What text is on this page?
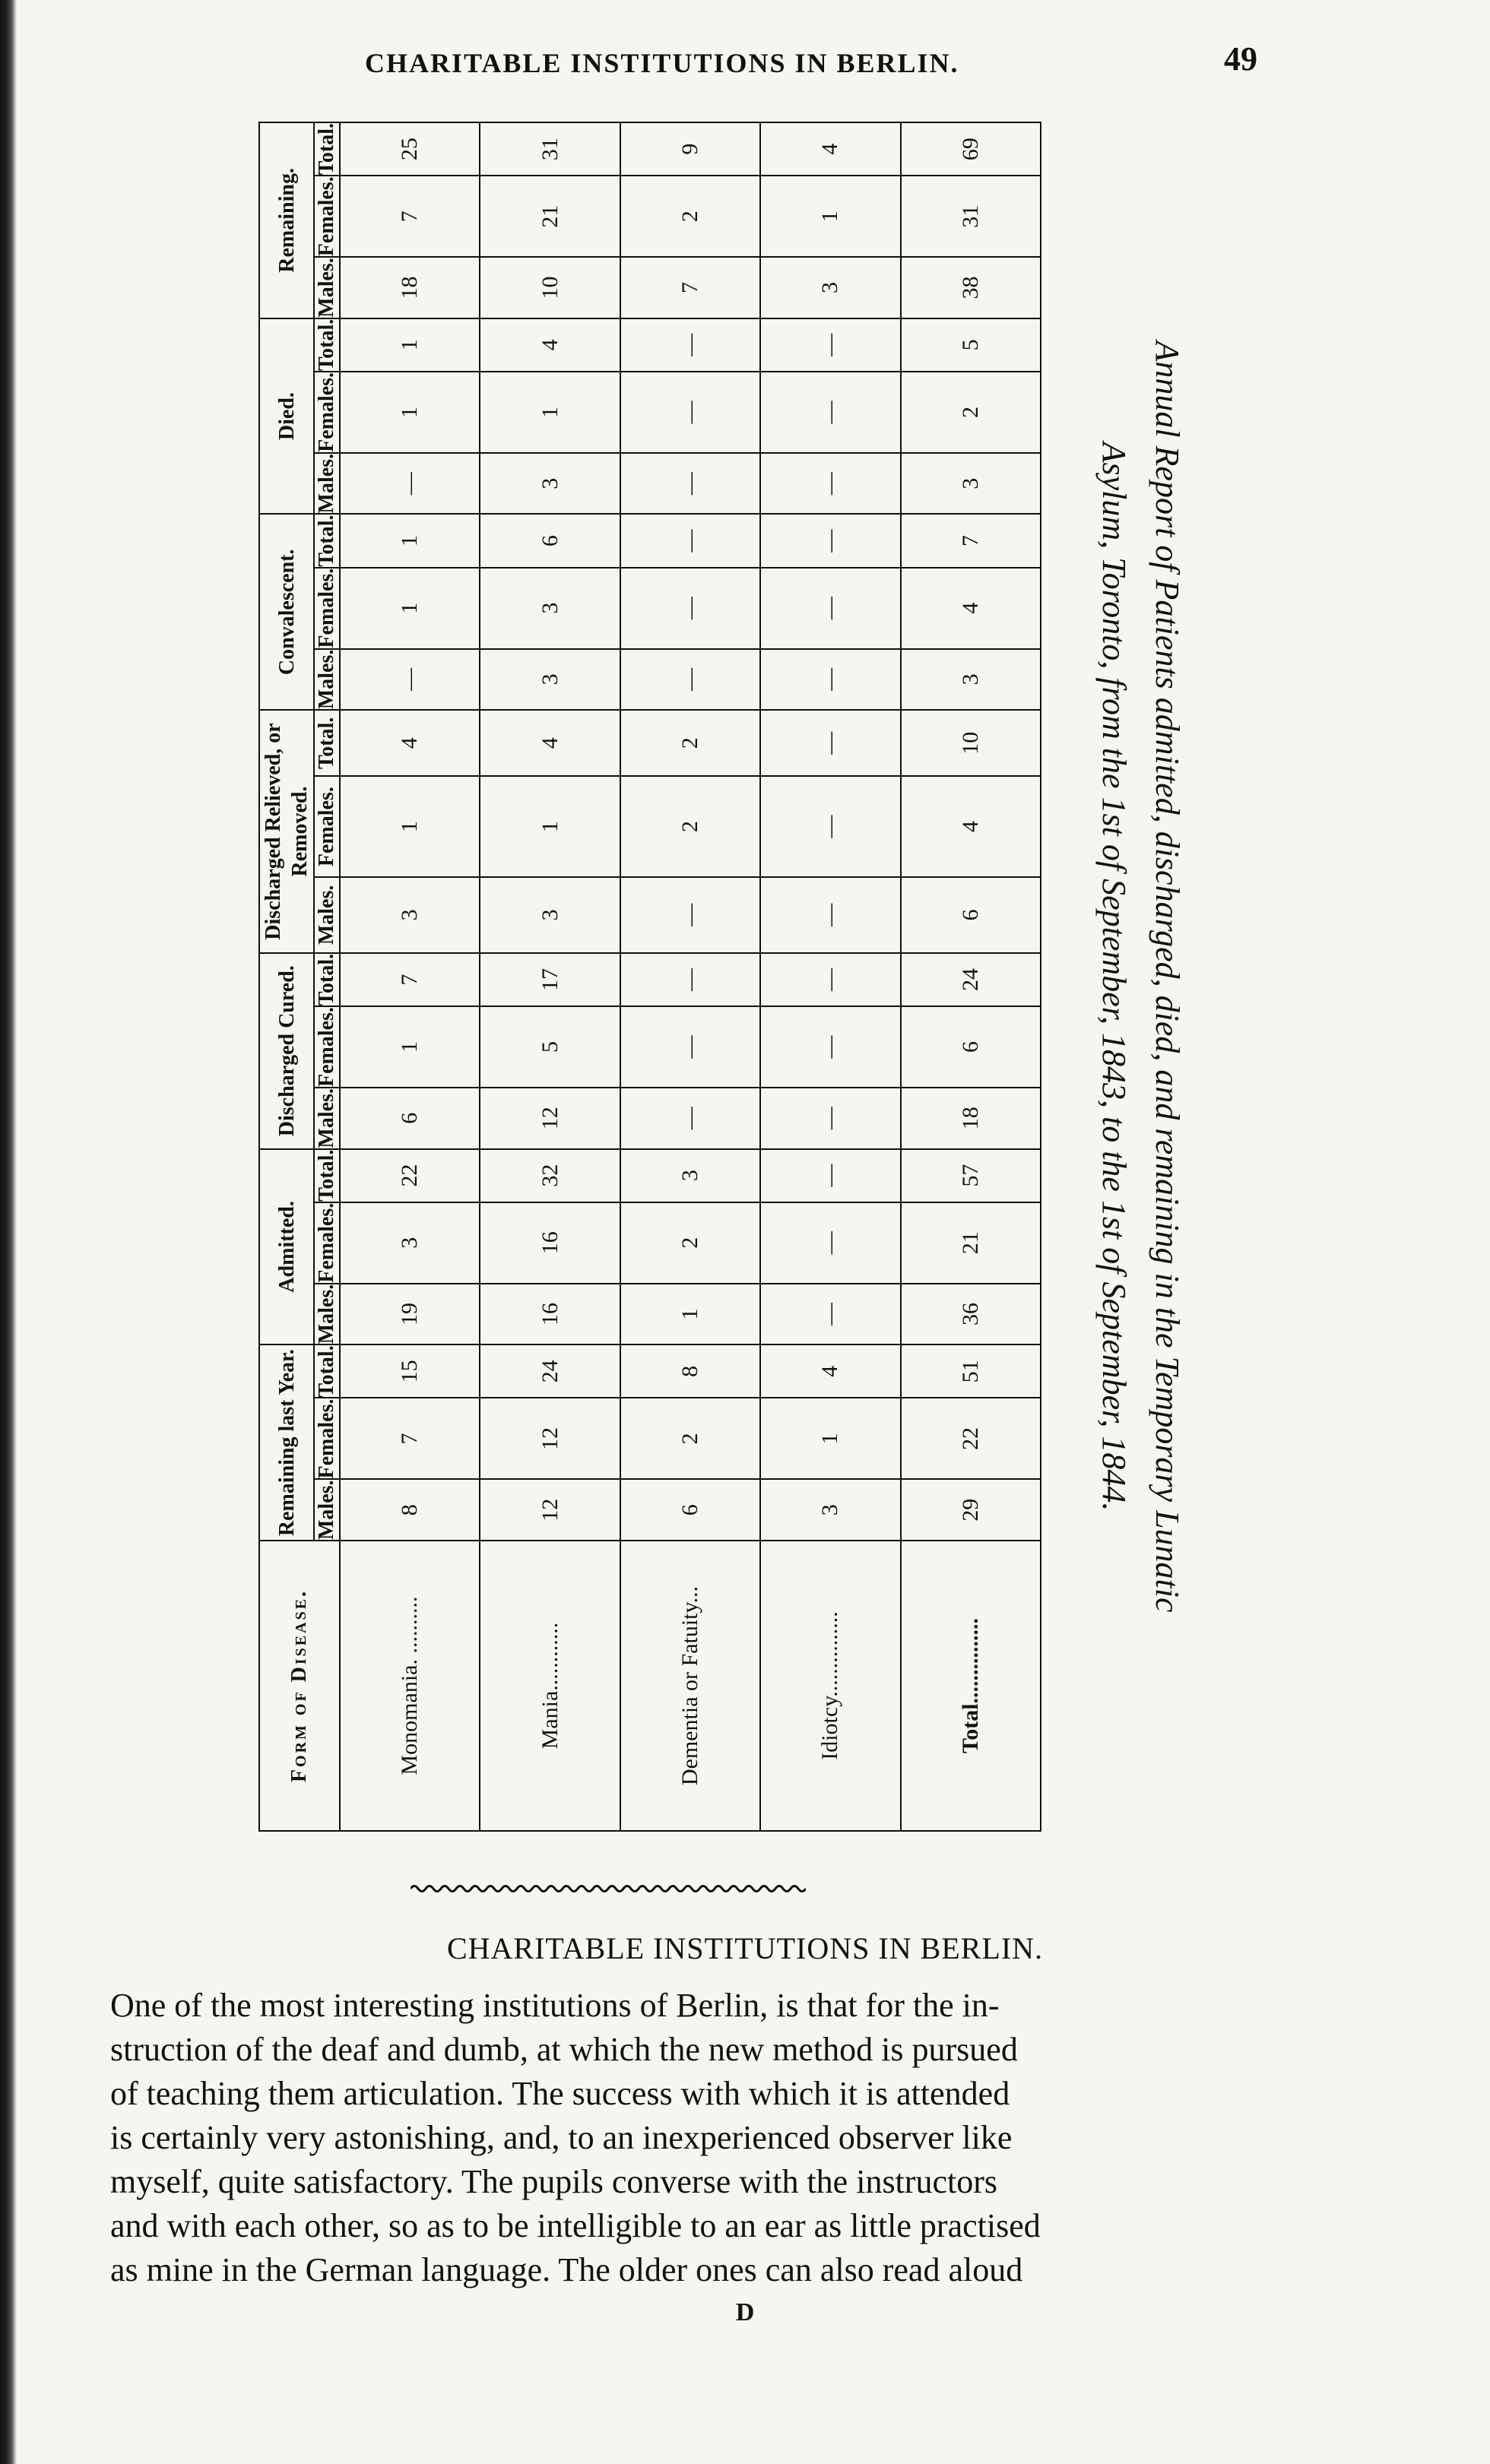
CHARITABLE INSTITUTIONS IN BERLIN.	49
Form of Disease.	Remaining last Year.			Admitted.			Discharged Cured.			Discharged Relieved, or Removed.			Convalescent.			Died.			Remaining.		
	Males.	Females.	Total.	Males.	Females.	Total.	Males.	Females.	Total.	Males.	Females.	Total.	Males.	Females.	Total.	Males.	Females.	Total.	Males.	Females.	Total.
Monomania. ..........	8	7	15	19	3	22	6	1	7	3	1	4	—	1	1	—	1	1	18	7	25
Mania............	12	12	24	16	16	32	12	5	17	3	1	4	3	3	6	3	1	4	10	21	31
Dementia or Fatuity...	6	2	8	1	2	3	—	—	—	—	2	2	—	—	—	—	—	—	7	2	9
Idiotcy...............	3	1	4	—	—	—	—	—	—	—	—	—	—	—	—	—	—	—	3	1	4
Total...............	29	22	51	36	21	57	18	6	24	6	4	10	3	4	7	3	2	5	38	31	69
Annual Report of Patients admitted, discharged, died, and remaining in the Temporary Lunatic
Asylum, Toronto, from the 1st of September, 1843, to the 1st of September, 1844.
CHARITABLE INSTITUTIONS IN BERLIN.
One of the most interesting institutions of Berlin, is that for the in-
struction of the deaf and dumb, at which the new method is pursued
of teaching them articulation. The success with which it is attended
is certainly very astonishing, and, to an inexperienced observer like
myself, quite satisfactory. The pupils converse with the instructors
and with each other, so as to be intelligible to an ear as little practised
as mine in the German language. The older ones can also read aloud
D
